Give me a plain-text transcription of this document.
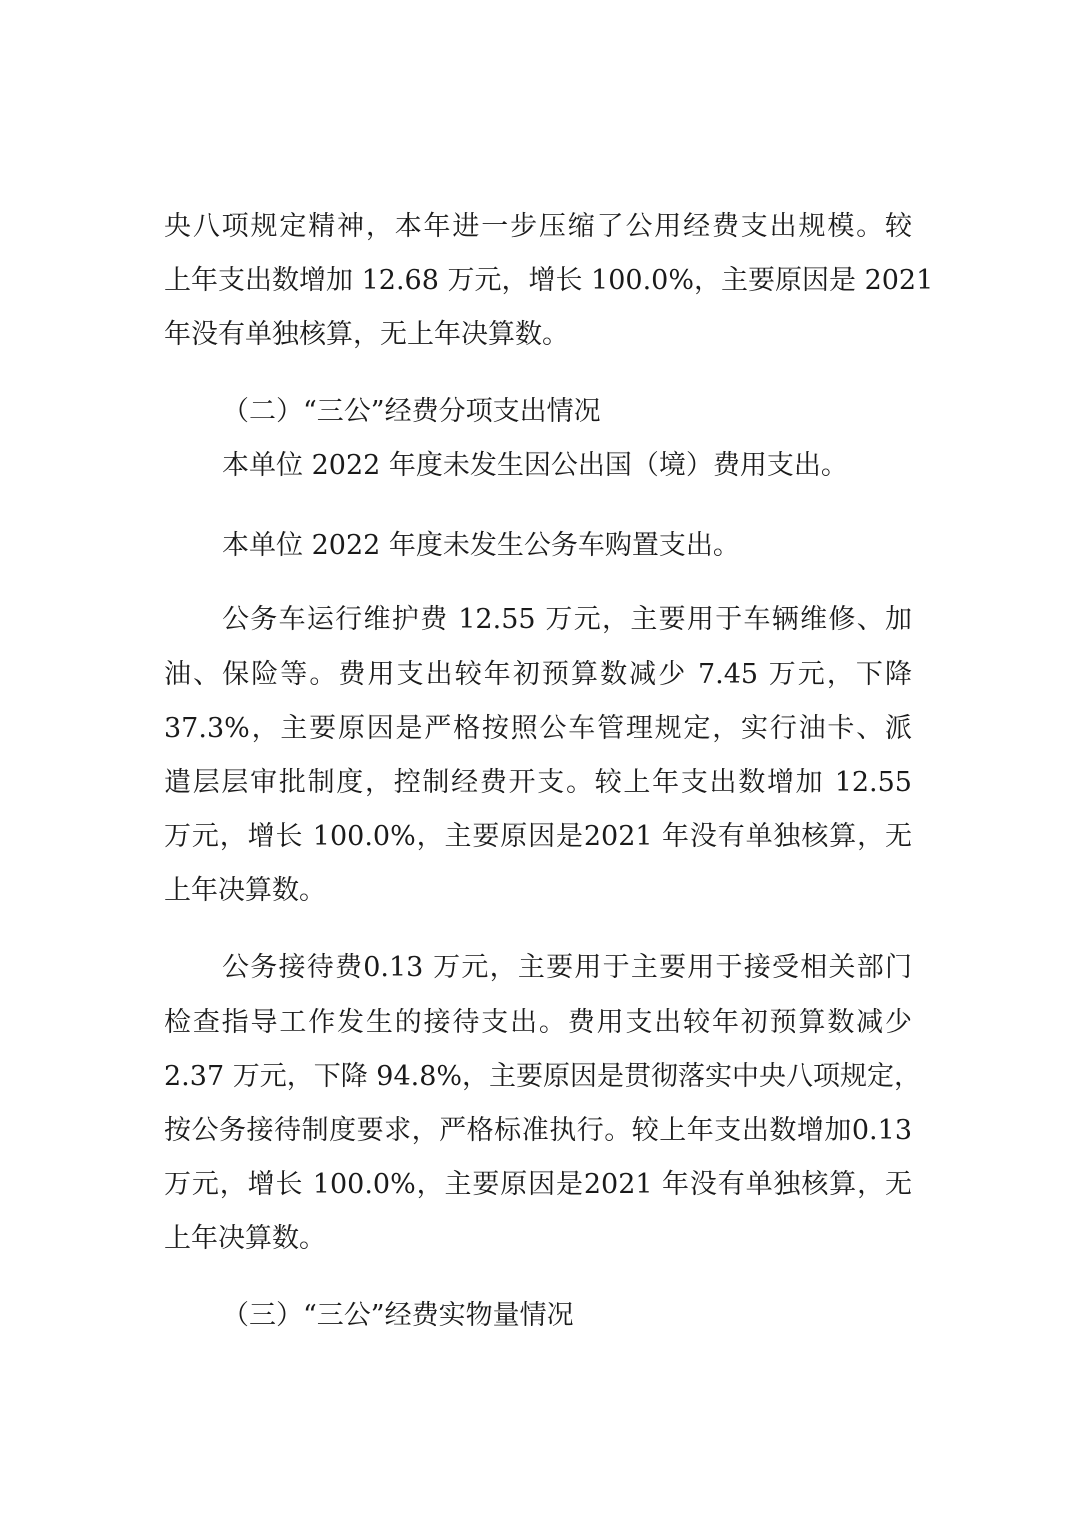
央八项规定精神，本年进一步压缩了公用经费支出规模。较
上年支出数增加 12.68 万元，增长 100.0%，主要原因是 2021
年没有单独核算，无上年决算数。
（二）“三公”经费分项支出情况
本单位 2022 年度未发生因公出国（境）费用支出。
本单位 2022 年度未发生公务车购置支出。
公务车运行维护费 12.55 万元，主要用于车辆维修、加
油、保险等。费用支出较年初预算数减少 7.45 万元，下降
37.3%，主要原因是严格按照公车管理规定，实行油卡、派
遣层层审批制度，控制经费开支。较上年支出数增加 12.55
万元，增长 100.0%，主要原因是2021 年没有单独核算，无
上年决算数。
公务接待费0.13 万元，主要用于主要用于接受相关部门
检查指导工作发生的接待支出。费用支出较年初预算数减少
2.37 万元，下降 94.8%，主要原因是贯彻落实中央八项规定，
按公务接待制度要求，严格标准执行。较上年支出数增加0.13
万元，增长 100.0%，主要原因是2021 年没有单独核算，无
上年决算数。
（三）“三公”经费实物量情况
